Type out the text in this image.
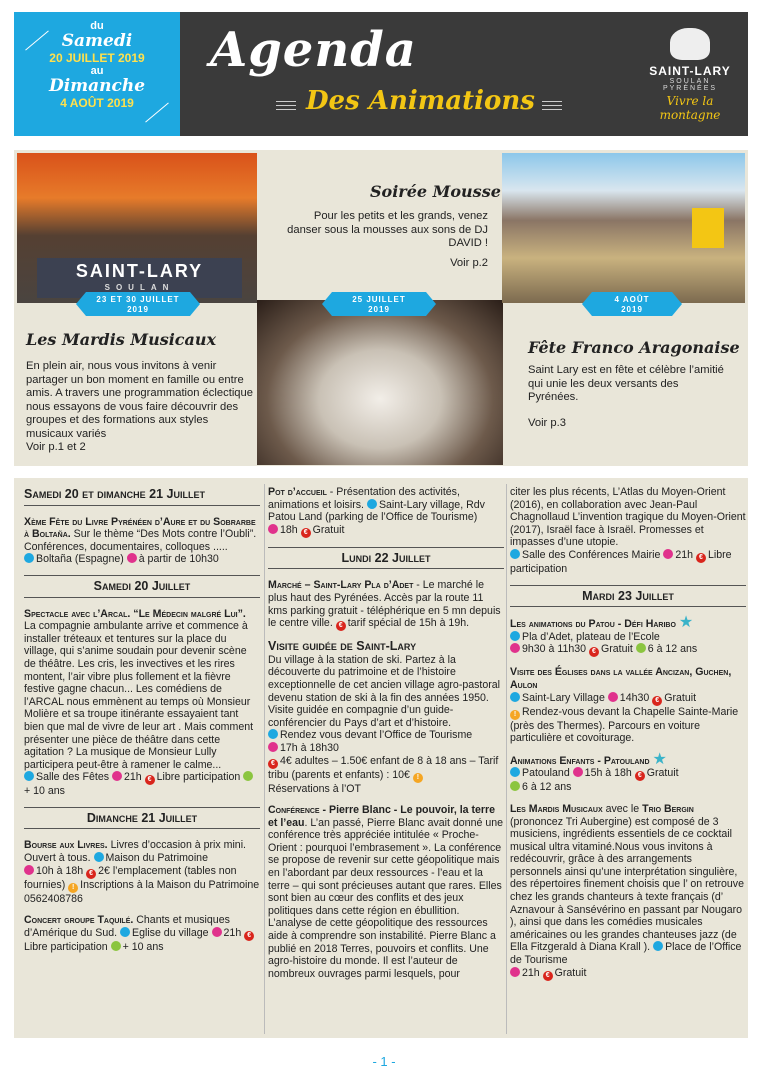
du
Samedi
20 JUILLET 2019
au
Dimanche
4 AOÛT 2019
Agenda
Des Animations
SAINT-LARY
SOULAN
PYRÉNÉES
Vivre la montagne
SAINT-LARY
SOULAN
23 ET 30 JUILLET
2019
25 JUILLET
2019
4 AOÛT
2019
Les Mardis Musicaux
En plein air, nous vous invitons à venir partager un bon moment en famille ou entre amis. A travers une programmation éclectique nous essayons de vous faire découvrir des groupes et des formations aux styles musicaux variés
Voir p.1 et 2
Soirée Mousse
Pour les petits et les grands, venez danser sous la mousses aux sons de DJ DAVID !
Voir p.2
Fête Franco Aragonaise
Saint Lary est en fête et célèbre l’amitié qui unie les deux versants des Pyrénées.
Voir p.3
Samedi 20 et dimanche 21 Juillet

Xème Fête du Livre Pyrénéen d’Aure et du Sobrarbe à Boltaña. Sur le thème “Des Mots contre l’Oubli”. Conférences, documentaires, colloques .....
Boltaña (Espagne) à partir de 10h30

Samedi 20 Juillet

Spectacle avec l’Arcal. “Le Médecin malgré Lui”. La compagnie ambulante arrive et commence à installer tréteaux et tentures sur la place du village, qui s’anime soudain pour devenir scène de théâtre. Les cris, les invectives et les rires montent, l’air vibre plus follement et la fièvre festive gagne chacun... Les comédiens de l’ARCAL nous emmènent au temps où Monsieur Molière et sa troupe itinérante essayaient tant bien que mal de vivre de leur art . Mais comment présenter une pièce de théâtre dans cette agitation ? La musique de Monsieur Lully participera peut-être à ramener le calme...
Salle des Fêtes 21h € Libre participation + 10 ans

Dimanche 21 Juillet

Bourse aux Livres. Livres d’occasion à prix mini. Ouvert à tous. Maison du Patrimoine
10h à 18h € 2€ l’emplacement (tables non fournies) ! Inscriptions à la Maison du Patrimoine 0562408786

Concert groupe Taquilé. Chants et musiques d’Amérique du Sud. Eglise du village 21h €Libre participation + 10 ans

Pot d’accueil - Présentation des activités, animations et loisirs. Saint-Lary village, Rdv Patou Land (parking de l’Office de Tourisme)
18h € Gratuit

Lundi 22 Juillet

Marché – Saint-Lary Pla d’Adet - Le marché le plus haut des Pyrénées. Accès par la route 11 kms parking gratuit - téléphérique en 5 mn depuis le centre ville. € tarif spécial de 15h à 19h.

Visite guidée de Saint-Lary
Du village à la station de ski. Partez à la découverte du patrimoine et de l’histoire exceptionnelle de cet ancien village agro-pastoral devenu station de ski à la fin des années 1950. Visite guidée en compagnie d’un guide-conférencier du Pays d’art et d’histoire.
Rendez vous devant l’Office de Tourisme
17h à 18h30
€ 4€ adultes – 1.50€ enfant de 8 à 18 ans – Tarif tribu (parents et enfants) : 10€ !
Réservations à l’OT

Conférence - Pierre Blanc - Le pouvoir, la terre et l’eau. L’an passé, Pierre Blanc avait donné une conférence très appréciée intitulée « Proche-Orient : pourquoi l’embrasement ». La conférence se propose de revenir sur cette géopolitique mais en l’abordant par deux ressources - l’eau et la terre – qui sont précieuses autant que rares. Elles sont bien au cœur des conflits et des jeux politiques dans cette région en ébullition. L’analyse de cette géopolitique des ressources aide à comprendre son instabilité. Pierre Blanc a publié en 2018 Terres, pouvoirs et conflits. Une agro-histoire du monde. Il est l’auteur de nombreux ouvrages parmi lesquels, pour

citer les plus récents, L’Atlas du Moyen-Orient (2016), en collaboration avec Jean-Paul Chagnollaud L’invention tragique du Moyen-Orient (2017), Israël face à Israël. Promesses et impasses d’une utopie.
Salle des Conférences Mairie 21h € Libre participation

Mardi 23 Juillet

Les animations du Patou - Défi Haribo ★
Pla d’Adet, plateau de l’Ecole
9h30 à 11h30 € Gratuit 6 à 12 ans

Visite des Églises dans la vallée Ancizan, Guchen, Aulon
Saint-Lary Village 14h30 € Gratuit
! Rendez-vous devant la Chapelle Sainte-Marie (près des Thermes). Parcours en voiture particulière et covoiturage.

Animations Enfants - Patouland ★
Patouland 15h à 18h € Gratuit
6 à 12 ans

Les Mardis Musicaux avec le Trio Bergin (prononcez Tri Aubergine) est composé de 3 musiciens, ingrédients essentiels de ce cocktail musical ultra vitaminé.Nous vous invitons à redécouvrir, grâce à des arrangements personnels ainsi qu’une interprétation singulière, des répertoires finement choisis que l’ on retrouve chez les grands chanteurs à texte français (d’ Aznavour à Sansévérino en passant par Nougaro ), ainsi que dans les comédies musicales américaines ou les grandes chanteuses jazz (de Ella Fitzgerald à Diana Krall ). Place de l’Office de Tourisme
21h € Gratuit

- 1 -
